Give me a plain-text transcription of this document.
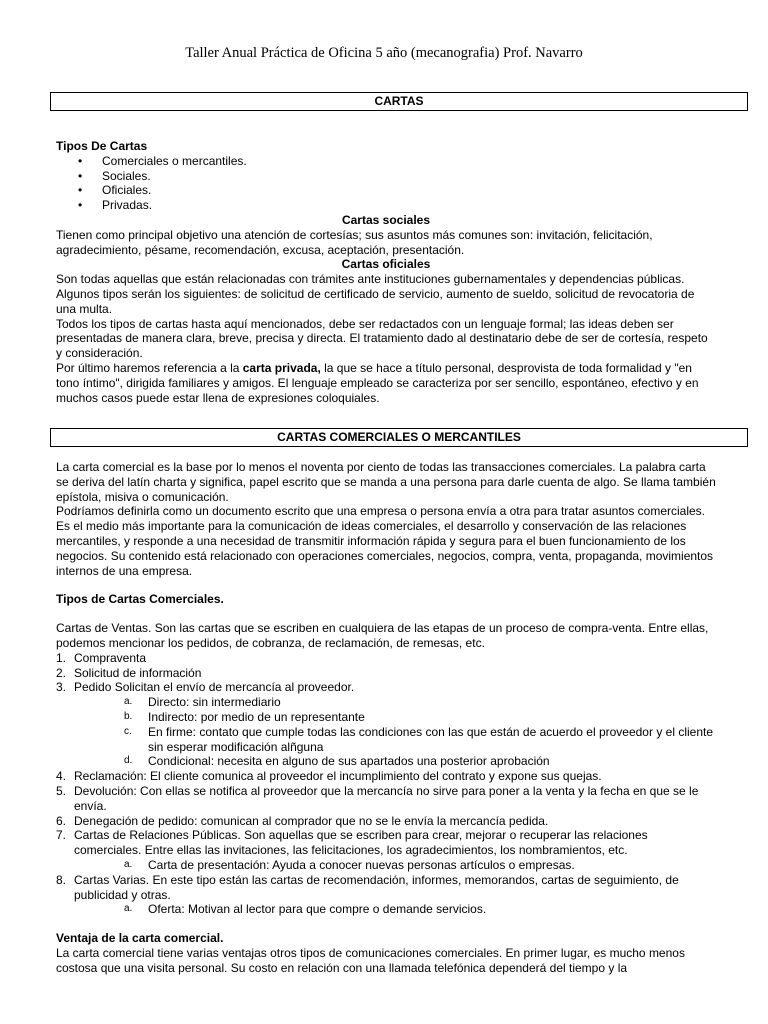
Taller Anual Práctica de Oficina 5 año (mecanografia) Prof. Navarro
CARTAS

Tipos De Cartas

• Comerciales o mercantiles.
• Sociales.
• Oficiales.
• Privadas.

Cartas sociales

Tienen como principal objetivo una atención de cortesías; sus asuntos más comunes son: invitación, felicitación, agradecimiento, pésame, recomendación, excusa, aceptación, presentación.

Cartas oficiales

Son todas aquellas que están relacionadas con trámites ante instituciones gubernamentales y dependencias públicas. Algunos tipos serán los siguientes: de solicitud de certificado de servicio, aumento de sueldo, solicitud de revocatoria de una multa.

Todos los tipos de cartas hasta aquí mencionados, debe ser redactados con un lenguaje formal; las ideas deben ser presentadas de manera clara, breve, precisa y directa. El tratamiento dado al destinatario debe de ser de cortesía, respeto y consideración.

Por último haremos referencia a la carta privada, la que se hace a título personal, desprovista de toda formalidad y "en tono íntimo", dirigida familiares y amigos. El lenguaje empleado se caracteriza por ser sencillo, espontáneo, efectivo y en muchos casos puede estar llena de expresiones coloquiales.

CARTAS COMERCIALES O MERCANTILES

La carta comercial es la base por lo menos el noventa por ciento de todas las transacciones comerciales. La palabra carta se deriva del latín charta y significa, papel escrito que se manda a una persona para darle cuenta de algo. Se llama también epístola, misiva o comunicación.

Podríamos definirla como un documento escrito que una empresa o persona envía a otra para tratar asuntos comerciales.

Es el medio más importante para la comunicación de ideas comerciales, el desarrollo y conservación de las relaciones mercantiles, y responde a una necesidad de transmitir información rápida y segura para el buen funcionamiento de los negocios. Su contenido está relacionado con operaciones comerciales, negocios, compra, venta, propaganda, movimientos internos de una empresa.

Tipos de Cartas Comerciales.

Cartas de Ventas. Son las cartas que se escriben en cualquiera de las etapas de un proceso de compra-venta. Entre ellas, podemos mencionar los pedidos, de cobranza, de reclamación, de remesas, etc.

1. Compraventa
2. Solicitud de información
3. Pedido Solicitan el envío de mercancía al proveedor.
a. Directo: sin intermediario
b. Indirecto: por medio de un representante
c. En firme: contato que cumple todas las condiciones con las que están de acuerdo el proveedor y el cliente sin esperar modificación alñguna
d. Condicional: necesita en alguno de sus apartados una posterior aprobación
4. Reclamación: El cliente comunica al proveedor el incumplimiento del contrato y expone sus quejas.
5. Devolución: Con ellas se notifica al proveedor que la mercancía no sirve para poner a la venta y la fecha en que se le envía.
6. Denegación de pedido: comunican al comprador que no se le envía la mercancía pedida.
7. Cartas de Relaciones Públicas. Son aquellas que se escriben para crear, mejorar o recuperar las relaciones comerciales. Entre ellas las invitaciones, las felicitaciones, los agradecimientos, los nombramientos, etc.
a. Carta de presentación: Ayuda a conocer nuevas personas artículos o empresas.
8. Cartas Varias. En este tipo están las cartas de recomendación, informes, memorandos, cartas de seguimiento, de publicidad y otras.
a. Oferta: Motivan al lector para que compre o demande servicios.

Ventaja de la carta comercial.

La carta comercial tiene varias ventajas otros tipos de comunicaciones comerciales. En primer lugar, es mucho menos costosa que una visita personal. Su costo en relación con una llamada telefónica dependerá del tiempo y la
